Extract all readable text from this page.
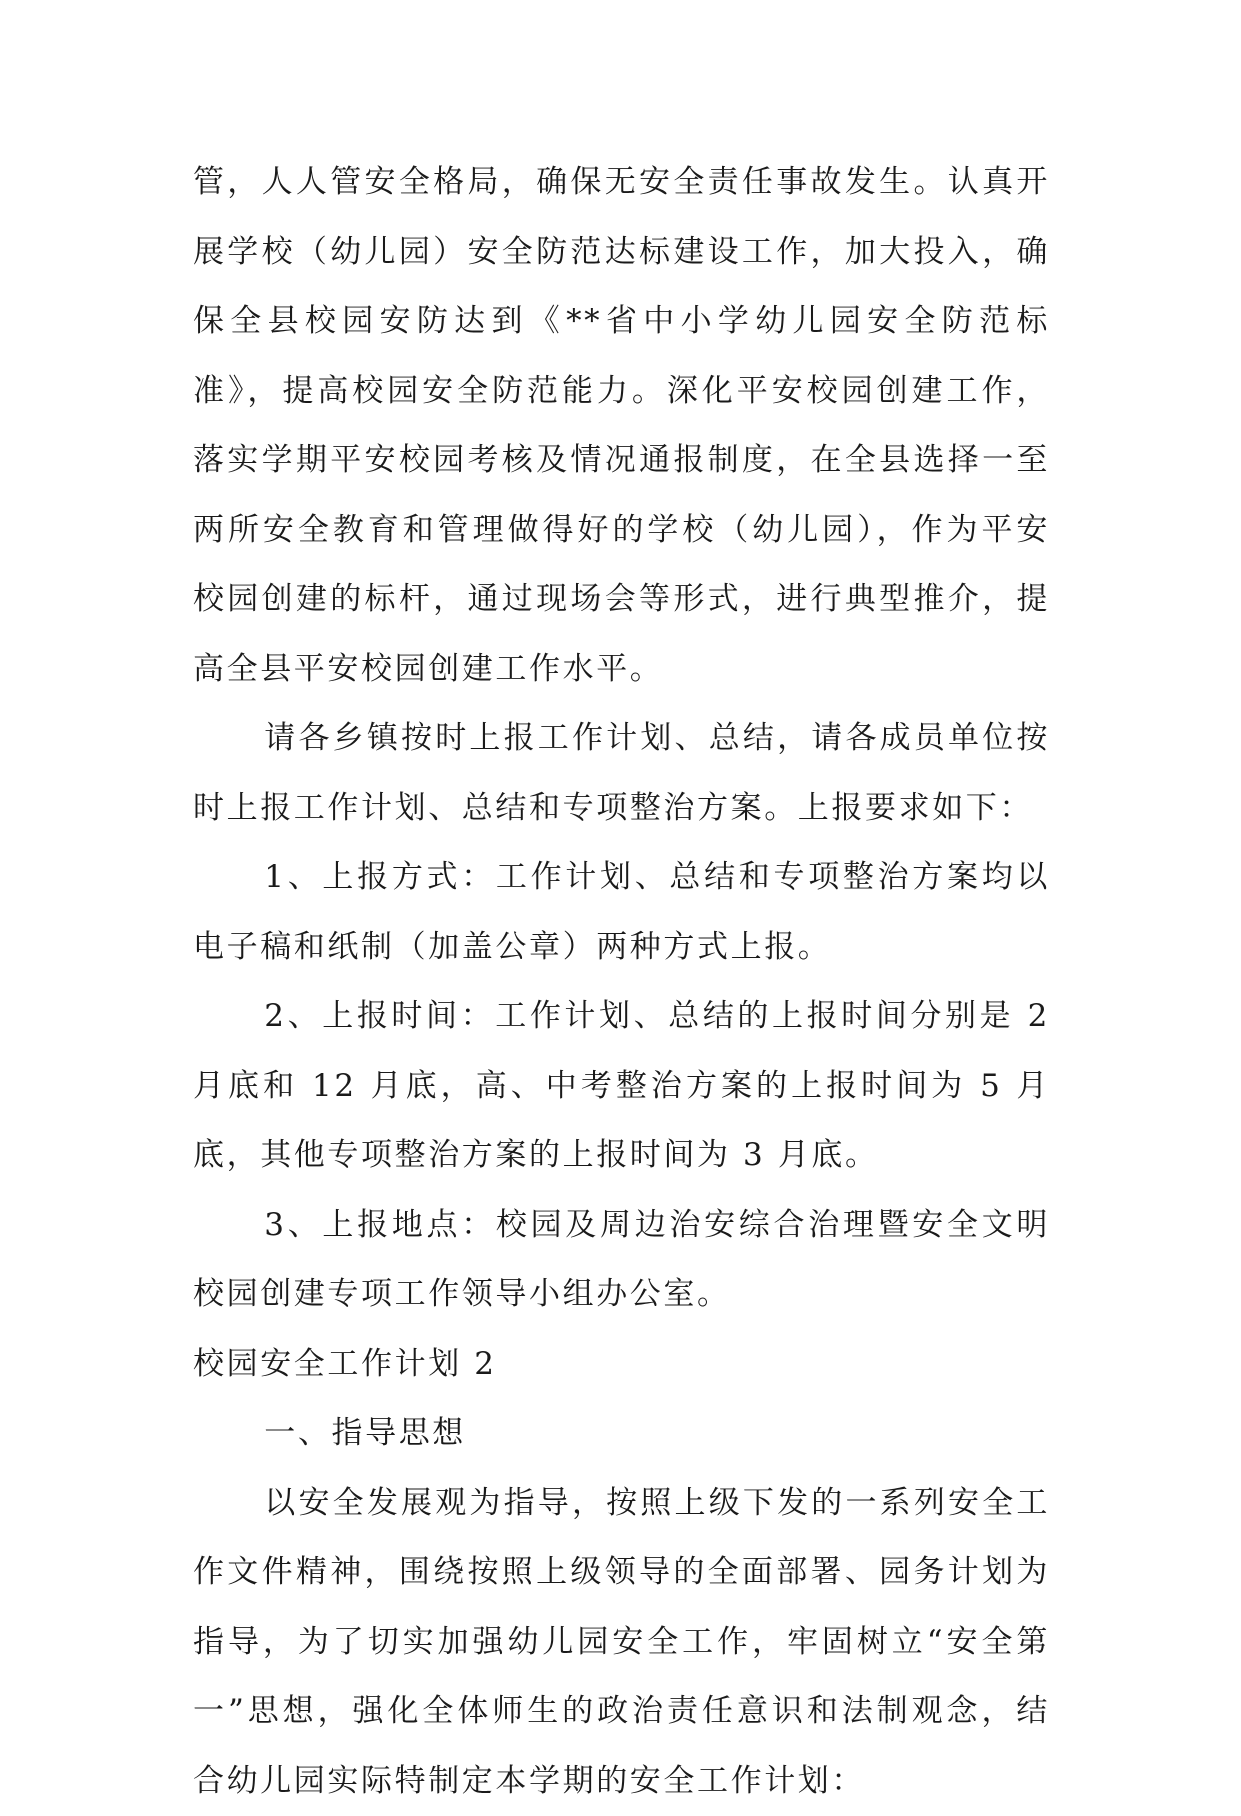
管，人人管安全格局，确保无安全责任事故发生。认真开展学校（幼儿园）安全防范达标建设工作，加大投入，确保全县校园安防达到《**省中小学幼儿园安全防范标准》，提高校园安全防范能力。深化平安校园创建工作，落实学期平安校园考核及情况通报制度，在全县选择一至两所安全教育和管理做得好的学校（幼儿园），作为平安校园创建的标杆，通过现场会等形式，进行典型推介，提高全县平安校园创建工作水平。

请各乡镇按时上报工作计划、总结，请各成员单位按时上报工作计划、总结和专项整治方案。上报要求如下：

1、上报方式：工作计划、总结和专项整治方案均以电子稿和纸制（加盖公章）两种方式上报。

2、上报时间：工作计划、总结的上报时间分别是 2 月底和 12 月底，高、中考整治方案的上报时间为 5 月底，其他专项整治方案的上报时间为 3 月底。

3、上报地点：校园及周边治安综合治理暨安全文明校园创建专项工作领导小组办公室。

校园安全工作计划 2

一、指导思想

以安全发展观为指导，按照上级下发的一系列安全工作文件精神，围绕按照上级领导的全面部署、园务计划为指导，为了切实加强幼儿园安全工作，牢固树立“安全第一”思想，强化全体师生的政治责任意识和法制观念，结合幼儿园实际特制定本学期的安全工作计划：
